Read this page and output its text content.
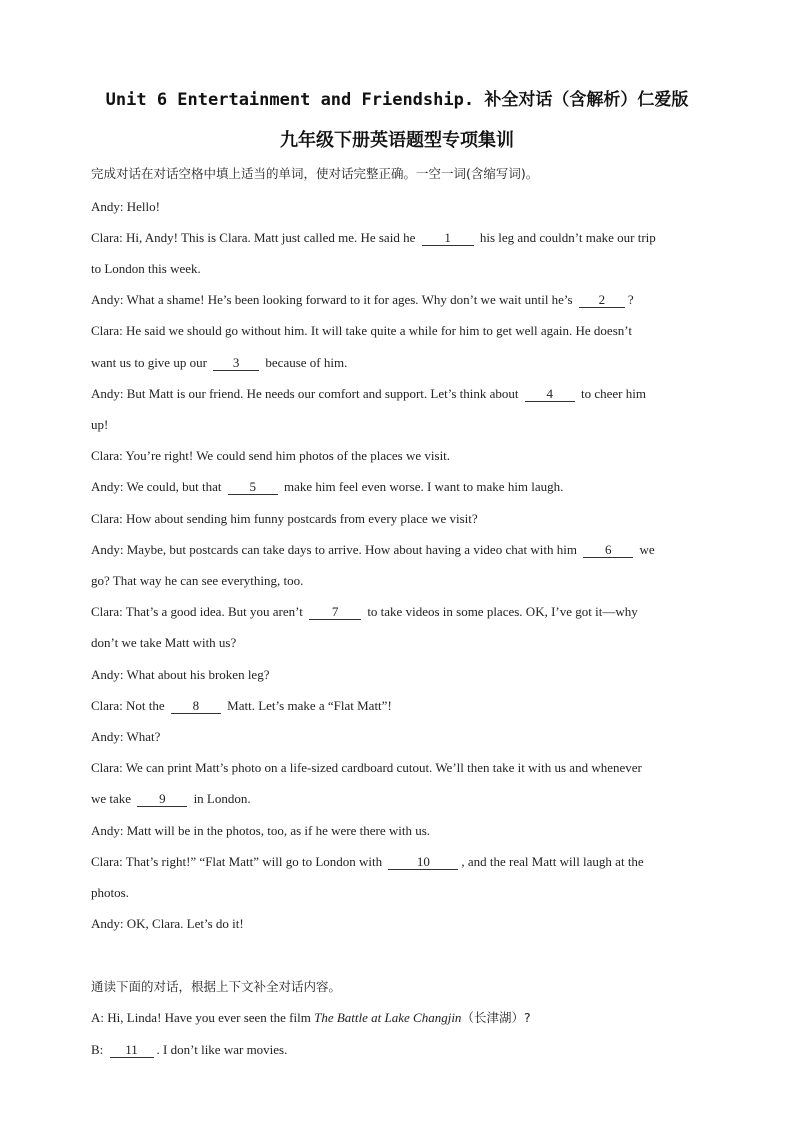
Unit 6 Entertainment and Friendship. 补全对话（含解析）仁爱版
九年级下册英语题型专项集训
完成对话在对话空格中填上适当的单词，使对话完整正确。一空一词(含缩写词)。
Andy: Hello!
Clara: Hi, Andy! This is Clara. Matt just called me. He said he 1 his leg and couldn’t make our trip
to London this week.
Andy: What a shame! He’s been looking forward to it for ages. Why don’t we wait until he’s 2 ?
Clara: He said we should go without him. It will take quite a while for him to get well again. He doesn’t
want us to give up our 3 because of him.
Andy: But Matt is our friend. He needs our comfort and support. Let’s think about 4 to cheer him
up!
Clara: You’re right! We could send him photos of the places we visit.
Andy: We could, but that 5 make him feel even worse. I want to make him laugh.
Clara: How about sending him funny postcards from every place we visit?
Andy: Maybe, but postcards can take days to arrive. How about having a video chat with him 6 we
go? That way he can see everything, too.
Clara: That’s a good idea. But you aren’t 7 to take videos in some places. OK, I’ve got it—why
don’t we take Matt with us?
Andy: What about his broken leg?
Clara: Not the 8 Matt. Let’s make a “Flat Matt”!
Andy: What?
Clara: We can print Matt’s photo on a life-sized cardboard cutout. We’ll then take it with us and whenever
we take 9 in London.
Andy: Matt will be in the photos, too, as if he were there with us.
Clara: That’s right!” “Flat Matt” will go to London with	10 , and the real Matt will laugh at the
photos.
Andy: OK, Clara. Let’s do it!
通读下面的对话，根据上下文补全对话内容。
A: Hi, Linda! Have you ever seen the film The Battle at Lake Changjin（长津湖）?
B: 11 . I don’t like war movies.
